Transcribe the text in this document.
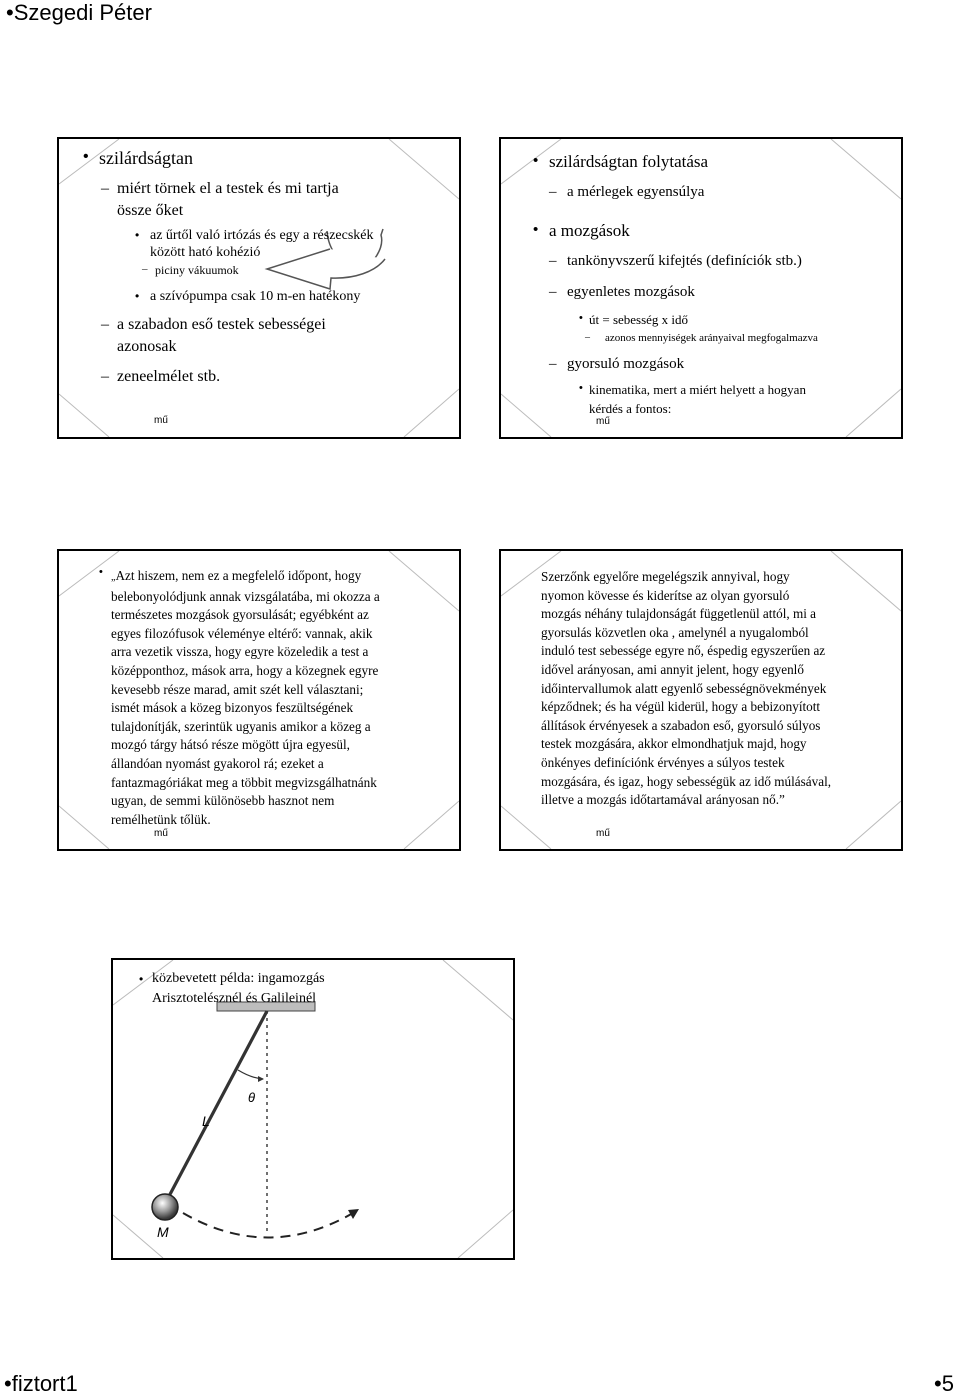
•Szegedi Péter
• szilárdságtan
– miért törnek el a testek és mi tartja
össze őket
• az űrtől való irtózás és egy a részecskék
között ható kohézió
– piciny vákuumok
• a szívópumpa csak 10 m-en hatékony
– a szabadon eső testek sebességei
azonosak
– zeneelmélet stb.
mű
• szilárdságtan folytatása
– a mérlegek egyensúlya
• a mozgások
– tankönyvszerű kifejtés (definíciók stb.)
– egyenletes mozgások
• út = sebesség x idő
– azonos mennyiségek arányaival megfogalmazva
– gyorsuló mozgások
• kinematika, mert a miért helyett a hogyan
kérdés a fontos:
mű
• „Azt hiszem, nem ez a megfelelő időpont, hogy
belebonyolódjunk annak vizsgálatába, mi okozza a
természetes mozgások gyorsulását; egyébként az
egyes filozófusok véleménye eltérő: vannak, akik
arra vezetik vissza, hogy egyre közeledik a test a
középponthoz, mások arra, hogy a közegnek egyre
kevesebb része marad, amit szét kell választani;
ismét mások a közeg bizonyos feszültségének
tulajdonítják, szerintük ugyanis amikor a közeg a
mozgó tárgy hátsó része mögött újra egyesül,
állandóan nyomást gyakorol rá; ezeket a
fantazmagóriákat meg a többit megvizsgálhatnánk
ugyan, de semmi különösebb hasznot nem
remélhetünk tőlük.
mű
Szerzőnk egyelőre megelégszik annyival, hogy
nyomon kövesse és kiderítse az olyan gyorsuló
mozgás néhány tulajdonságát függetlenül attól, mi a
gyorsulás közvetlen oka , amelynél a nyugalomból
induló test sebessége egyre nő, éspedig egyszerűen az
idővel arányosan, ami annyit jelent, hogy egyenlő
időintervallumok alatt egyenlő sebességnövekmények
képződnek; és ha végül kiderül, hogy a bebizonyított
állítások érvényesek a szabadon eső, gyorsuló súlyos
testek mozgására, akkor elmondhatjuk majd, hogy
önkényes definíciónk érvényes a súlyos testek
mozgására, és igaz, hogy sebességük az idő múlásával,
illetve a mozgás időtartamával arányosan nő.”
mű
θ
L
M
• közbevetett példa: ingamozgás
Arisztotelésznél és Galileinél
•fiztort1	•5
